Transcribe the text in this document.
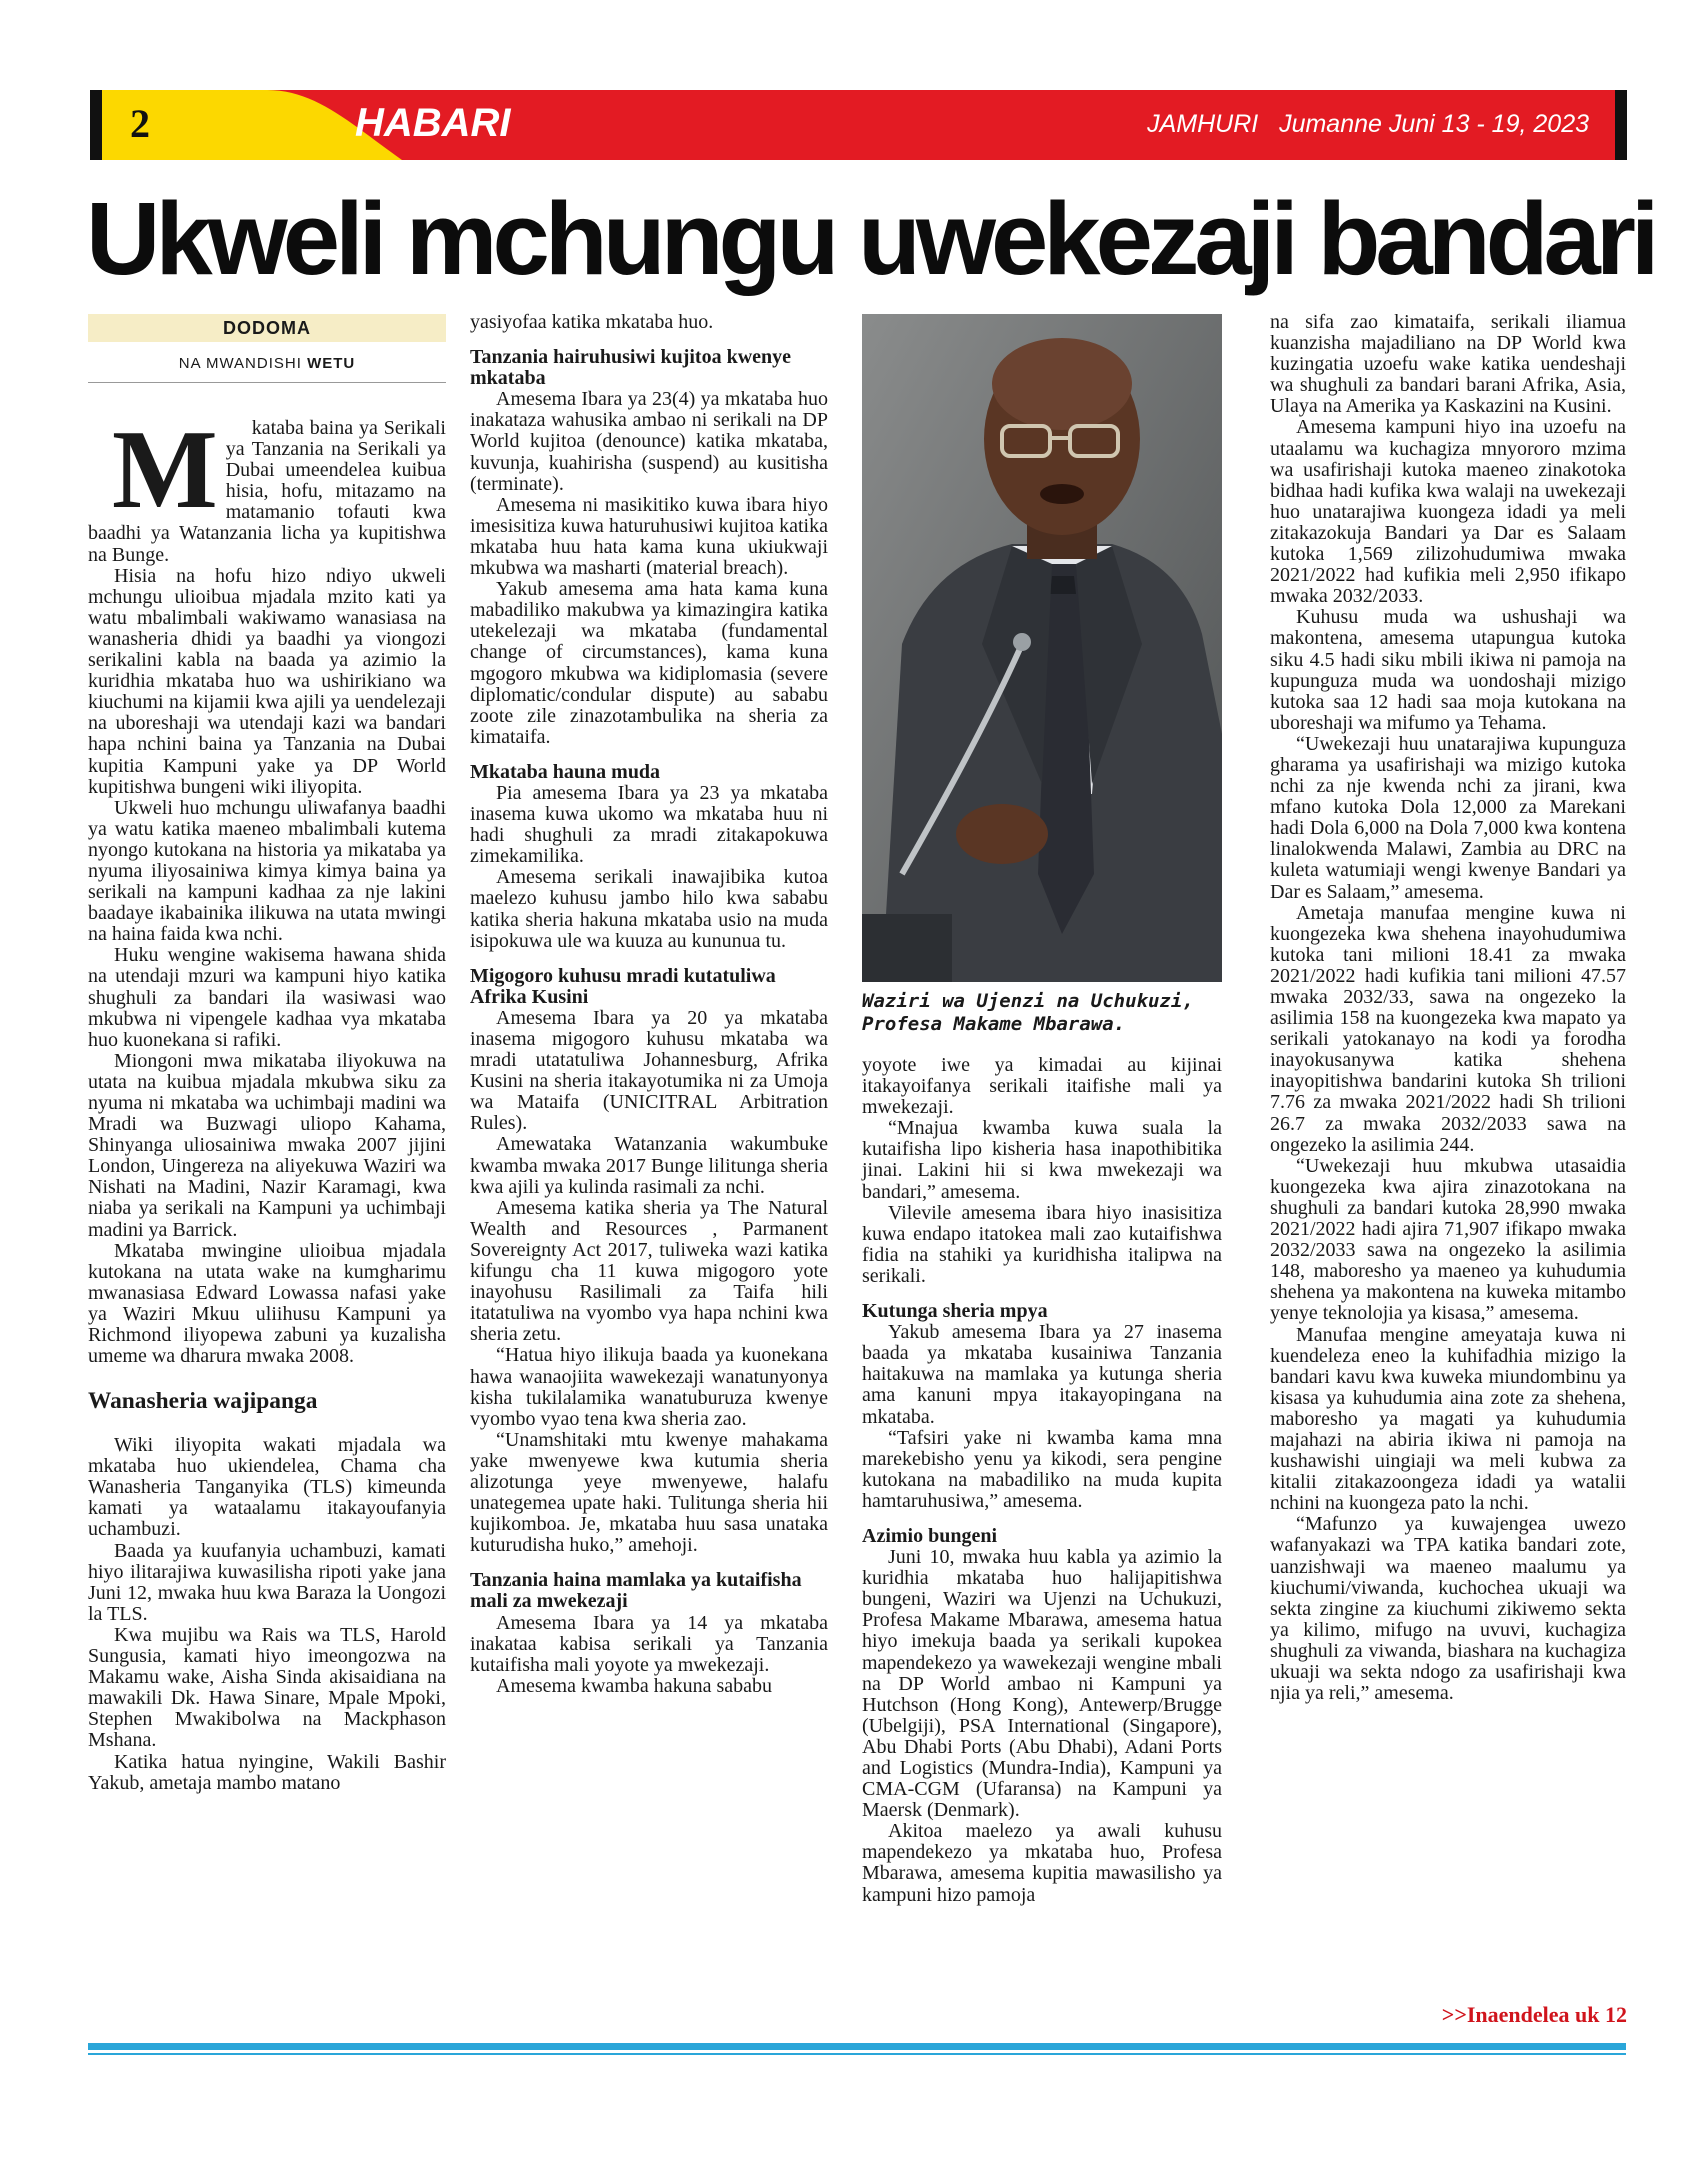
2	HABARI	JAMHURI Jumanne Juni 13 - 19, 2023
Ukweli mchungu uwekezaji bandari
DODOMA
NA MWANDISHI WETU

M kataba baina ya Serikali ya Tanzania na Serikali ya Dubai umeendelea kuibua hisia, hofu, mitazamo na matamanio tofauti kwa baadhi ya Watanzania licha ya kupitishwa na Bunge.

Hisia na hofu hizo ndiyo ukweli mchungu ulioibua mjadala mzito kati ya watu mbalimbali wakiwamo wanasiasa na wanasheria dhidi ya baadhi ya viongozi serikalini kabla na baada ya azimio la kuridhia mkataba huo wa ushirikiano wa kiuchumi na kijamii kwa ajili ya uendelezaji na uboreshaji wa utendaji kazi wa bandari hapa nchini baina ya Tanzania na Dubai kupitia Kampuni yake ya DP World kupitishwa bungeni wiki iliyopita.

Ukweli huo mchungu uliwafanya baadhi ya watu katika maeneo mbalimbali kutema nyongo kutokana na historia ya mikataba ya nyuma iliyosainiwa kimya kimya baina ya serikali na kampuni kadhaa za nje lakini baadaye ikabainika ilikuwa na utata mwingi na haina faida kwa nchi.

Huku wengine wakisema hawana shida na utendaji mzuri wa kampuni hiyo katika shughuli za bandari ila wasiwasi wao mkubwa ni vipengele kadhaa vya mkataba huo kuonekana si rafiki.

Miongoni mwa mikataba iliyokuwa na utata na kuibua mjadala mkubwa siku za nyuma ni mkataba wa uchimbaji madini wa Mradi wa Buzwagi uliopo Kahama, Shinyanga uliosainiwa mwaka 2007 jijini London, Uingereza na aliyekuwa Waziri wa Nishati na Madini, Nazir Karamagi, kwa niaba ya serikali na Kampuni ya uchimbaji madini ya Barrick.

Mkataba mwingine ulioibua mjadala kutokana na utata wake na kumgharimu mwanasiasa Edward Lowassa nafasi yake ya Waziri Mkuu uliihusu Kampuni ya Richmond iliyopewa zabuni ya kuzalisha umeme wa dharura mwaka 2008.

Wanasheria wajipanga

Wiki iliyopita wakati mjadala wa mkataba huo ukiendelea, Chama cha Wanasheria Tanganyika (TLS) kimeunda kamati ya wataalamu itakayoufanyia uchambuzi.

Baada ya kuufanyia uchambuzi, kamati hiyo ilitarajiwa kuwasilisha ripoti yake jana Juni 12, mwaka huu kwa Baraza la Uongozi la TLS.

Kwa mujibu wa Rais wa TLS, Harold Sungusia, kamati hiyo imeongozwa na Makamu wake, Aisha Sinda akisaidiana na mawakili Dk. Hawa Sinare, Mpale Mpoki, Stephen Mwakibolwa na Mackphason Mshana.

Katika hatua nyingine, Wakili Bashir Yakub, ametaja mambo matano

yasiyofaa katika mkataba huo.

Tanzania hairuhusiwi kujitoa kwenye mkataba

Amesema Ibara ya 23(4) ya mkataba huo inakataza wahusika ambao ni serikali na DP World kujitoa (denounce) katika mkataba, kuvunja, kuahirisha (suspend) au kusitisha (terminate).

Amesema ni masikitiko kuwa ibara hiyo imesisitiza kuwa haturuhusiwi kujitoa katika mkataba huu hata kama kuna ukiukwaji mkubwa wa masharti (material breach).

Yakub amesema ama hata kama kuna mabadiliko makubwa ya kimazingira katika utekelezaji wa mkataba (fundamental change of circumstances), kama kuna mgogoro mkubwa wa kidiplomasia (severe diplomatic/condular dispute) au sababu zoote zile zinazotambulika na sheria za kimataifa.

Mkataba hauna muda

Pia amesema Ibara ya 23 ya mkataba inasema kuwa ukomo wa mkataba huu ni hadi shughuli za mradi zitakapokuwa zimekamilika.

Amesema serikali inawajibika kutoa maelezo kuhusu jambo hilo kwa sababu katika sheria hakuna mkataba usio na muda isipokuwa ule wa kuuza au kununua tu.

Migogoro kuhusu mradi kutatuliwa Afrika Kusini

Amesema Ibara ya 20 ya mkataba inasema migogoro kuhusu mkataba wa mradi utatatuliwa Johannesburg, Afrika Kusini na sheria itakayotumika ni za Umoja wa Mataifa (UNICITRAL Arbitration Rules).

Amewataka Watanzania wakumbuke kwamba mwaka 2017 Bunge lilitunga sheria kwa ajili ya kulinda rasimali za nchi.

Amesema katika sheria ya The Natural Wealth and Resources , Parmanent Sovereignty Act 2017, tuliweka wazi katika kifungu cha 11 kuwa migogoro yote inayohusu Rasilimali za Taifa hili itatatuliwa na vyombo vya hapa nchini kwa sheria zetu.

“Hatua hiyo ilikuja baada ya kuonekana hawa wanaojiita wawekezaji wanatunyonya kisha tukilalamika wanatuburuza kwenye vyombo vyao tena kwa sheria zao.

“Unamshitaki mtu kwenye mahakama yake mwenyewe kwa kutumia sheria alizotunga yeye mwenyewe, halafu unategemea upate haki. Tulitunga sheria hii kujikomboa. Je, mkataba huu sasa unataka kuturudisha huko,” amehoji.

Tanzania haina mamlaka ya kutaifisha mali za mwekezaji

Amesema Ibara ya 14 ya mkataba inakataa kabisa serikali ya Tanzania kutaifisha mali yoyote ya mwekezaji.

Amesema kwamba hakuna sababu

Waziri wa Ujenzi na Uchukuzi,
Profesa Makame Mbarawa.

yoyote iwe ya kimadai au kijinai itakayoifanya serikali itaifishe mali ya mwekezaji.

“Mnajua kwamba kuwa suala la kutaifisha lipo kisheria hasa inapothibitika jinai. Lakini hii si kwa mwekezaji wa bandari,” amesema.

Vilevile amesema ibara hiyo inasisitiza kuwa endapo itatokea mali zao kutaifishwa fidia na stahiki ya kuridhisha italipwa na serikali.

Kutunga sheria mpya

Yakub amesema Ibara ya 27 inasema baada ya mkataba kusainiwa Tanzania haitakuwa na mamlaka ya kutunga sheria ama kanuni mpya itakayopingana na mkataba.

“Tafsiri yake ni kwamba kama mna marekebisho yenu ya kikodi, sera pengine kutokana na mabadiliko na muda kupita hamtaruhusiwa,” amesema.

Azimio bungeni

Juni 10, mwaka huu kabla ya azimio la kuridhia mkataba huo halijapitishwa bungeni, Waziri wa Ujenzi na Uchukuzi, Profesa Makame Mbarawa, amesema hatua hiyo imekuja baada ya serikali kupokea mapendekezo ya wawekezaji wengine mbali na DP World ambao ni Kampuni ya Hutchson (Hong Kong), Antewerp/Brugge (Ubelgiji), PSA International (Singapore), Abu Dhabi Ports (Abu Dhabi), Adani Ports and Logistics (Mundra-India), Kampuni ya CMA-CGM (Ufaransa) na Kampuni ya Maersk (Denmark).

Akitoa maelezo ya awali kuhusu mapendekezo ya mkataba huo, Profesa Mbarawa, amesema kupitia mawasilisho ya kampuni hizo pamoja

na sifa zao kimataifa, serikali iliamua kuanzisha majadiliano na DP World kwa kuzingatia uzoefu wake katika uendeshaji wa shughuli za bandari barani Afrika, Asia, Ulaya na Amerika ya Kaskazini na Kusini.

Amesema kampuni hiyo ina uzoefu na utaalamu wa kuchagiza mnyororo mzima wa usafirishaji kutoka maeneo zinakotoka bidhaa hadi kufika kwa walaji na uwekezaji huo unatarajiwa kuongeza idadi ya meli zitakazokuja Bandari ya Dar es Salaam kutoka 1,569 zilizohudumiwa mwaka 2021/2022 had kufikia meli 2,950 ifikapo mwaka 2032/2033.

Kuhusu muda wa ushushaji wa makontena, amesema utapungua kutoka siku 4.5 hadi siku mbili ikiwa ni pamoja na kupunguza muda wa uondoshaji mizigo kutoka saa 12 hadi saa moja kutokana na uboreshaji wa mifumo ya Tehama.

“Uwekezaji huu unatarajiwa kupunguza gharama ya usafirishaji wa mizigo kutoka nchi za nje kwenda nchi za jirani, kwa mfano kutoka Dola 12,000 za Marekani hadi Dola 6,000 na Dola 7,000 kwa kontena linalokwenda Malawi, Zambia au DRC na kuleta watumiaji wengi kwenye Bandari ya Dar es Salaam,” amesema.

Ametaja manufaa mengine kuwa ni kuongezeka kwa shehena inayohudumiwa kutoka tani milioni 18.41 za mwaka 2021/2022 hadi kufikia tani milioni 47.57 mwaka 2032/33, sawa na ongezeko la asilimia 158 na kuongezeka kwa mapato ya serikali yatokanayo na kodi ya forodha inayokusanywa katika shehena inayopitishwa bandarini kutoka Sh trilioni 7.76 za mwaka 2021/2022 hadi Sh trilioni 26.7 za mwaka 2032/2033 sawa na ongezeko la asilimia 244.

“Uwekezaji huu mkubwa utasaidia kuongezeka kwa ajira zinazotokana na shughuli za bandari kutoka 28,990 mwaka 2021/2022 hadi ajira 71,907 ifikapo mwaka 2032/2033 sawa na ongezeko la asilimia 148, maboresho ya maeneo ya kuhudumia shehena ya makontena na kuweka mitambo yenye teknolojia ya kisasa,” amesema.

Manufaa mengine ameyataja kuwa ni kuendeleza eneo la kuhifadhia mizigo la bandari kavu kwa kuweka miundombinu ya kisasa ya kuhudumia aina zote za shehena, maboresho ya magati ya kuhudumia majahazi na abiria ikiwa ni pamoja na kushawishi uingiaji wa meli kubwa za kitalii zitakazoongeza idadi ya watalii nchini na kuongeza pato la nchi.

“Mafunzo ya kuwajengea uwezo wafanyakazi wa TPA katika bandari zote, uanzishwaji wa maeneo maalumu ya kiuchumi/viwanda, kuchochea ukuaji wa sekta zingine za kiuchumi zikiwemo sekta ya kilimo, mifugo na uvuvi, kuchagiza shughuli za viwanda, biashara na kuchagiza ukuaji wa sekta ndogo za usafirishaji kwa njia ya reli,” amesema.

>>Inaendelea uk 12
